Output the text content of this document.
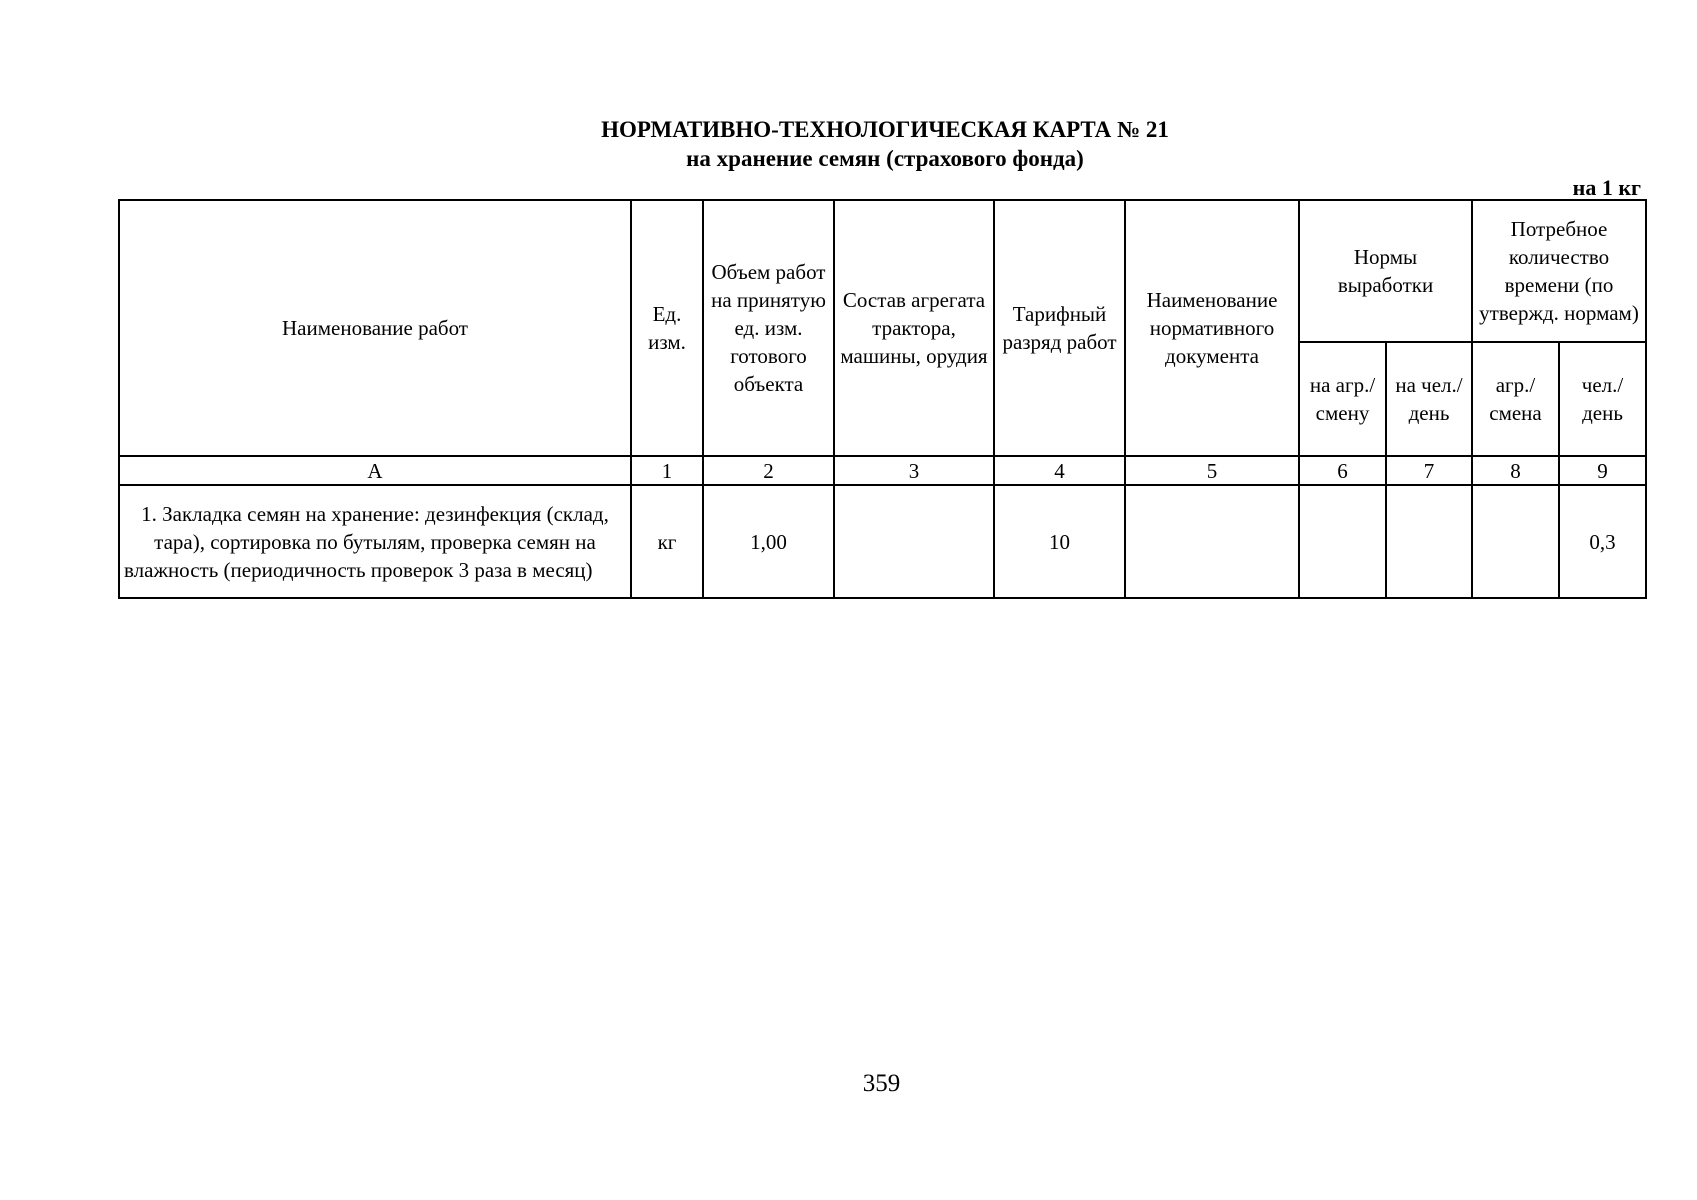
НОРМАТИВНО-ТЕХНОЛОГИЧЕСКАЯ КАРТА № 21
на хранение семян (страхового фонда)
на 1 кг
Наименование работ	Ед. изм.	Объем работ на принятую ед. изм. готового объекта	Состав агрегата трактора, машины, орудия	Тарифный разряд работ	Наименование нормативного документа	Нормы выработки		Потребное количество времени (по утвержд. нормам)	
						на агр./ смену	на чел./ день	агр./ смена	чел./ день
А	1	2	3	4	5	6	7	8	9
1. Закладка семян на хранение: дезинфекция (склад, тара), сортировка по бутылям, проверка семян на влажность (периодичность проверок 3 раза в месяц)	кг	1,00		10					0,3
359
